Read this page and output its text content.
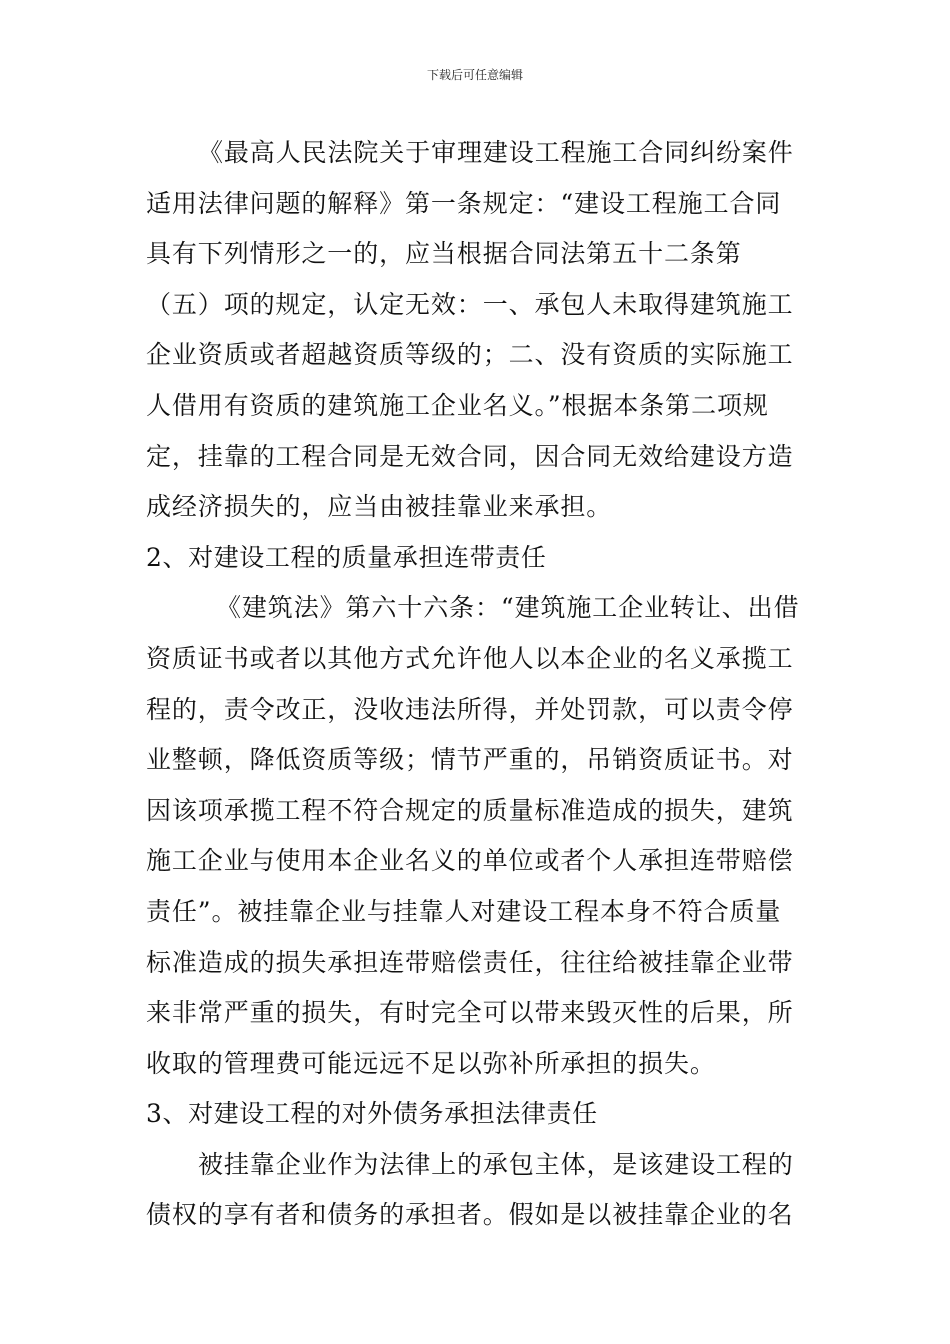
下载后可任意编辑
《最高人民法院关于审理建设工程施工合同纠纷案件
适用法律问题的解释》第一条规定：“建设工程施工合同
具有下列情形之一的，应当根据合同法第五十二条第
（五）项的规定，认定无效：一、承包人未取得建筑施工
企业资质或者超越资质等级的；二、没有资质的实际施工
人借用有资质的建筑施工企业名义。”根据本条第二项规
定，挂靠的工程合同是无效合同，因合同无效给建设方造
成经济损失的，应当由被挂靠业来承担。
2、对建设工程的质量承担连带责任
《建筑法》第六十六条：“建筑施工企业转让、出借
资质证书或者以其他方式允许他人以本企业的名义承揽工
程的，责令改正，没收违法所得，并处罚款，可以责令停
业整顿，降低资质等级；情节严重的，吊销资质证书。对
因该项承揽工程不符合规定的质量标准造成的损失，建筑
施工企业与使用本企业名义的单位或者个人承担连带赔偿
责任”。被挂靠企业与挂靠人对建设工程本身不符合质量
标准造成的损失承担连带赔偿责任，往往给被挂靠企业带
来非常严重的损失，有时完全可以带来毁灭性的后果，所
收取的管理费可能远远不足以弥补所承担的损失。
3、对建设工程的对外债务承担法律责任
被挂靠企业作为法律上的承包主体，是该建设工程的
债权的享有者和债务的承担者。假如是以被挂靠企业的名
